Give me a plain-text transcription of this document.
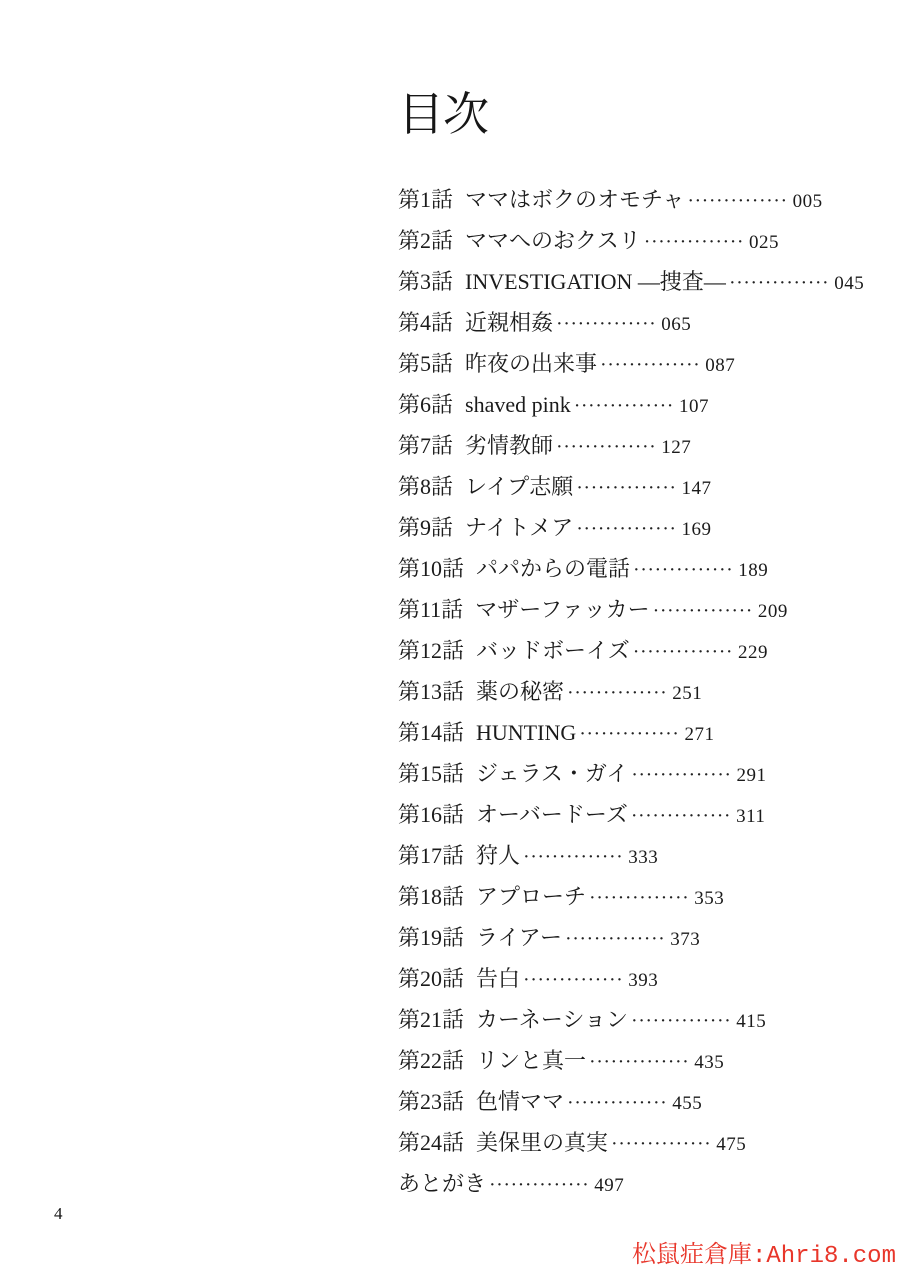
目次
第1話 ママはボクのオモチャ ·············· 005
第2話 ママへのおクスリ ·············· 025
第3話 INVESTIGATION ―捜査― ·············· 045
第4話 近親相姦 ·············· 065
第5話 昨夜の出来事 ·············· 087
第6話 shaved pink ·············· 107
第7話 劣情教師 ·············· 127
第8話 レイプ志願 ·············· 147
第9話 ナイトメア ·············· 169
第10話 パパからの電話 ·············· 189
第11話 マザーファッカー ·············· 209
第12話 バッドボーイズ ·············· 229
第13話 薬の秘密 ·············· 251
第14話 HUNTING ·············· 271
第15話 ジェラス・ガイ ·············· 291
第16話 オーバードーズ ·············· 311
第17話 狩人 ·············· 333
第18話 アプローチ ·············· 353
第19話 ライアー ·············· 373
第20話 告白 ·············· 393
第21話 カーネーション ·············· 415
第22話 リンと真一 ·············· 435
第23話 色情ママ ·············· 455
第24話 美保里の真実 ·············· 475
あとがき ·············· 497
4
松鼠症倉庫:Ahri8.com
